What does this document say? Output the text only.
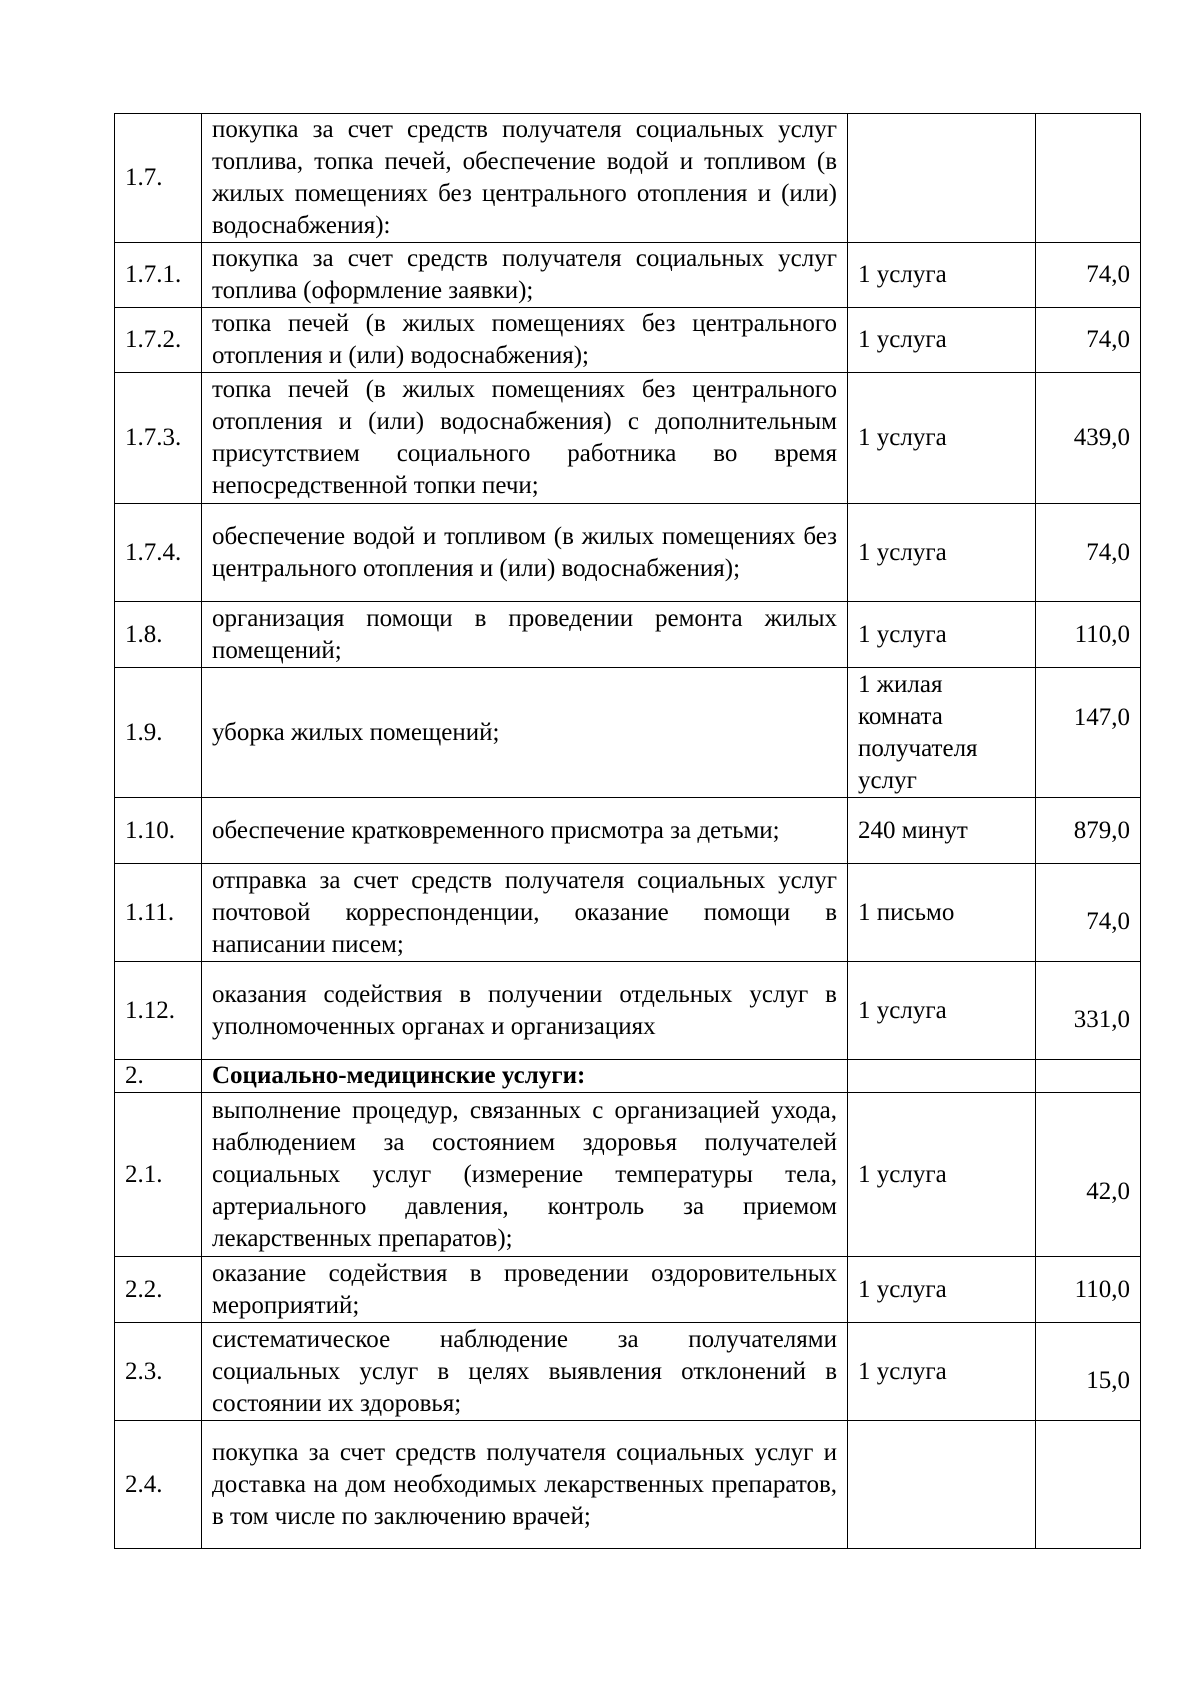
1.7.	покупка за счет средств получателя социальных услуг топлива, топка печей, обеспечение водой и топливом (в жилых помещениях без центрального отопления и (или) водоснабжения):		
1.7.1.	покупка за счет средств получателя социальных услуг топлива (оформление заявки);	1 услуга	74,0
1.7.2.	топка печей (в жилых помещениях без центрального отопления и (или) водоснабжения);	1 услуга	74,0
1.7.3.	топка печей (в жилых помещениях без центрального отопления и (или) водоснабжения) с дополнительным присутствием социального работника во время непосредственной топки печи;	1 услуга	439,0
1.7.4.	обеспечение водой и топливом (в жилых помещениях без центрального отопления и (или) водоснабжения);	1 услуга	74,0
1.8.	организация помощи в проведении ремонта жилых помещений;	1 услуга	110,0
1.9.	уборка жилых помещений;	1 жилая комната получателя услуг	147,0
1.10.	обеспечение кратковременного присмотра за детьми;	240 минут	879,0
1.11.	отправка за счет средств получателя социальных услуг почтовой корреспонденции, оказание помощи в написании писем;	1 письмо	74,0
1.12.	оказания содействия в получении отдельных услуг в уполномоченных органах и организациях	1 услуга	331,0
2.	Социально-медицинские услуги:		
2.1.	выполнение процедур, связанных с организацией ухода, наблюдением за состоянием здоровья получателей социальных услуг (измерение температуры тела, артериального давления, контроль за приемом лекарственных препаратов);	1 услуга	42,0
2.2.	оказание содействия в проведении оздоровительных мероприятий;	1 услуга	110,0
2.3.	систематическое наблюдение за получателями социальных услуг в целях выявления отклонений в состоянии их здоровья;	1 услуга	15,0
2.4.	покупка за счет средств получателя социальных услуг и доставка на дом необходимых лекарственных препаратов, в том числе по заключению врачей;		
